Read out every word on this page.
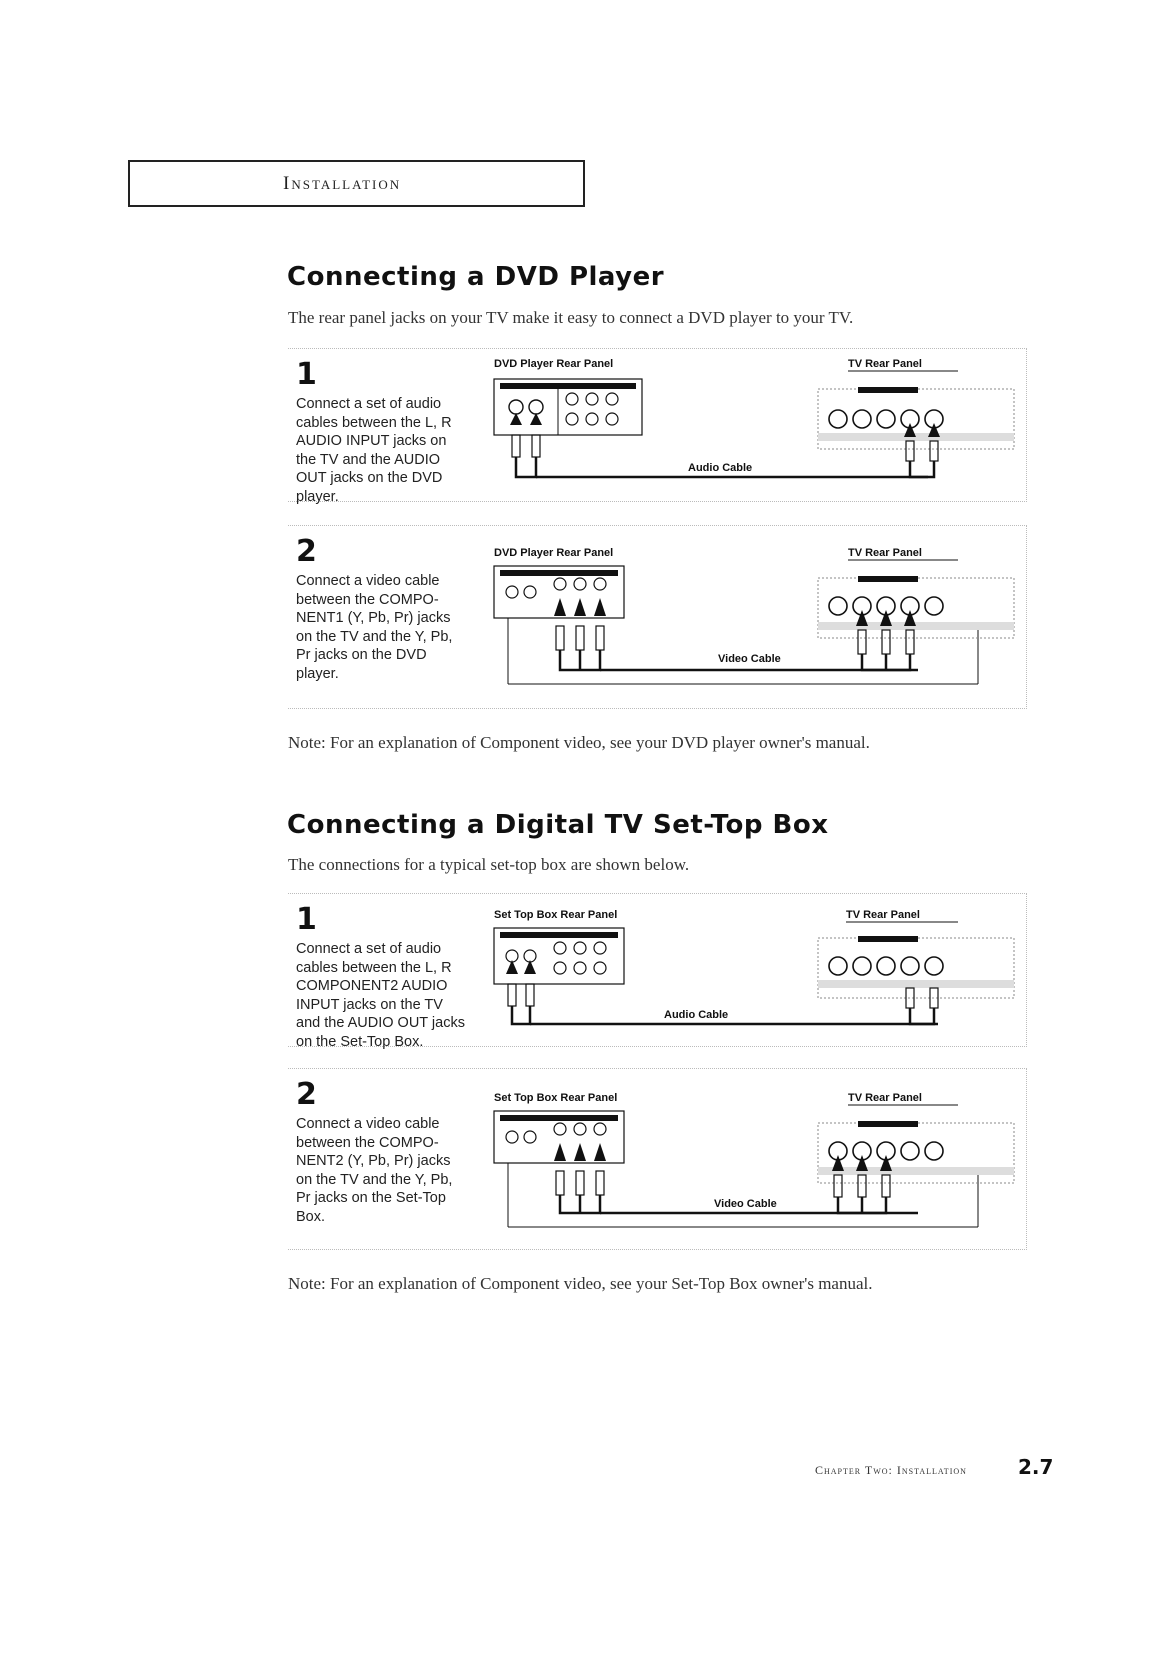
Installation
Connecting a DVD Player
The rear panel jacks on your TV make it easy to connect a DVD player to your TV.
1
Connect a set of audio
cables between the L, R
AUDIO INPUT jacks on
the TV and the AUDIO
OUT jacks on the DVD
player.
DVD Player Rear Panel	TV Rear Panel
Audio Cable
2
Connect a video cable
between the COMPO-
NENT1 (Y, Pb, Pr) jacks
on the TV and the Y, Pb,
Pr jacks on the DVD
player.
DVD Player Rear Panel	TV Rear Panel
Video Cable
Note: For an explanation of Component video, see your DVD player owner's manual.
Connecting a Digital TV Set-Top Box
The connections for a typical set-top box are shown below.
1
Connect a set of audio
cables between the L, R
COMPONENT2 AUDIO
INPUT jacks on the TV
and the AUDIO OUT jacks
on the Set-Top Box.
Set Top Box Rear Panel	TV Rear Panel
Audio Cable
2
Connect a video cable
between the COMPO-
NENT2 (Y, Pb, Pr) jacks
on the TV and the Y, Pb,
Pr jacks on the Set-Top
Box.
Set Top Box Rear Panel	TV Rear Panel
Video Cable
Note: For an explanation of Component video, see your Set-Top Box owner's manual.
Chapter Two: Installation	2.7
